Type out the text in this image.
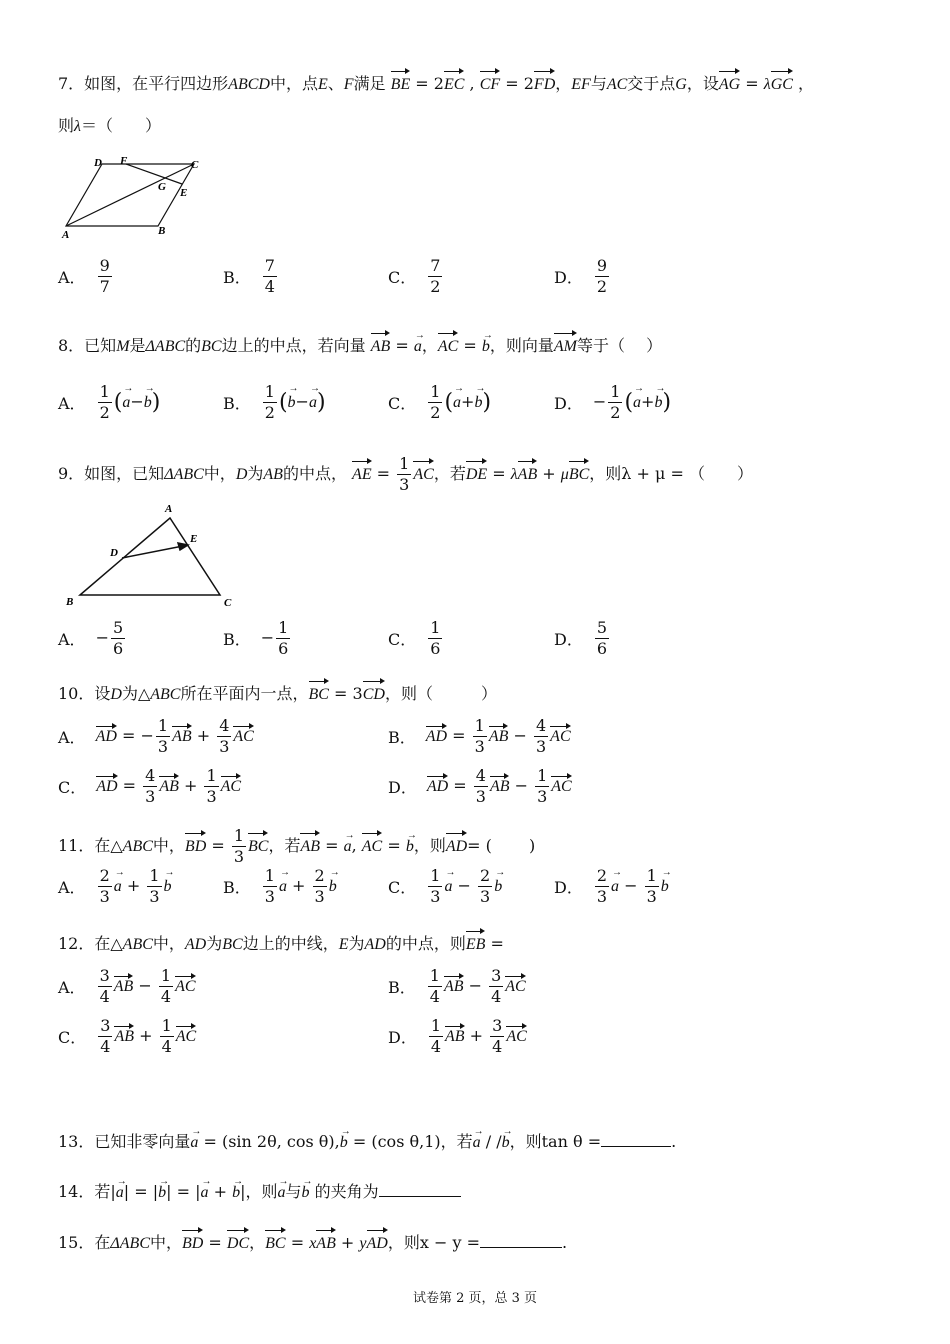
7．如图，在平行四边形ABCD中，点E、F满足 BE = 2EC , CF = 2FD，EF与AC交于点G，设AG = λGC ，
则λ＝（　　）
D F	C
G E
A	B
A． $\frac{9}{7}$	B． $\frac{7}{4}$	C． $\frac{7}{2}$	D． $\frac{9}{2}$
8．已知M是ΔABC的BC边上的中点，若向量 AB = → a，AC = → b，则向量AM等于（　 ）
A． $\frac{1}{2}$ (→ a−→ b)	B． $\frac{1}{2}$ (→ b−→ a)	C． $\frac{1}{2}$ (→ a+→ b)	D． − $\frac{1}{2}$ (→ a+→ b)
9．如图，已知ΔABC中，D为AB的中点， AE = $\frac{1}{3}$ AC，若DE = λAB + μBC，则λ + μ = （　　）
A
E
D
B	C
A． − $\frac{5}{6}$	B． − $\frac{1}{6}$	C． $\frac{1}{6}$	D． $\frac{5}{6}$
10．设D为△ABC所在平面内一点，BC = 3CD，则（　　　）
A． AD = − $\frac{1}{3}$ AB + $\frac{4}{3}$ AC	B． AD = $\frac{1}{3}$ AB − $\frac{4}{3}$ AC
C． AD = $\frac{4}{3}$ AB + $\frac{1}{3}$ AC	D． AD = $\frac{4}{3}$ AB − $\frac{1}{3}$ AC
11．在△ABC中，BD = $\frac{1}{3}$ BC，若AB = → a, AC = → b，则AD= (　　 )
A． $\frac{2}{3}$
→ $a + \frac{1}{3}$
→ b	B． $\frac{1}{3}$
→ $a + \frac{2}{3}$
→ b	C． $\frac{1}{3}$
→ $a - \frac{2}{3}$
→ b	D． $\frac{2}{3}$
→ $a - \frac{1}{3}$
→ b
12．在△ABC中，AD为BC边上的中线，E为AD的中点，则EB =
A． $\frac{3}{4}$ AB − $\frac{1}{4}$ AC	B． $\frac{1}{4}$ AB − $\frac{3}{4}$ AC
C． $\frac{3}{4}$ AB + $\frac{1}{4}$ AC	D． $\frac{1}{4}$ AB + $\frac{3}{4}$ AC
13．已知非零向量→ a = (sin 2θ, cos θ),→ b = (cos θ,1)，若→ a / /→ b，则tan θ =	.
14．若|→ a| = |→ b| = |→ a + → b|，则→ a与→ b 的夹角为
15．在ΔABC中，BD = DC，BC = xAB + yAD，则x − y =	.
试卷第 2 页，总 3 页
